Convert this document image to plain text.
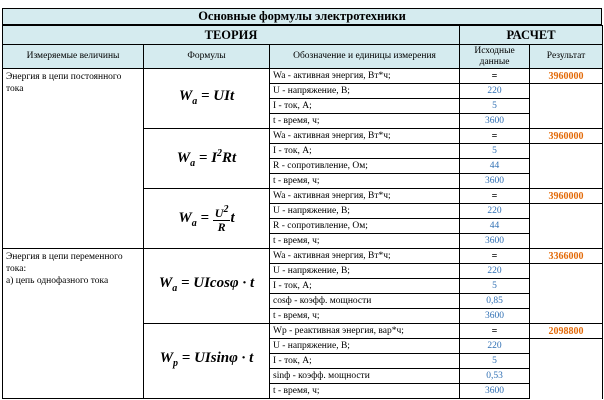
Основные формулы электротехники
ТЕОРИЯ			РАСЧЕТ	
Измеряемые величины	Формулы	Обозначение и единицы измерения	Исходные данные	Результат
Энергия в цепи постоянного тока	$W_a$ = UIt	Wa - активная энергия, Вт*ч;	=	3960000
		U - напряжение, В;	220	
		I - ток, А;	5	
		t - время, ч;	3600	
	$W_a = I^2Rt$	Wa - активная энергия, Вт*ч;	=	3960000
		I - ток, А;	5	
		R - сопротивление, Ом;	44	
		t - время, ч;	3600	
	$W_a = \frac{U^2}{R}$ t	Wa - активная энергия, Вт*ч;	=	3960000
		U - напряжение, В;	220	
		R - сопротивление, Ом;	44	
		t - время, ч;	3600	
Энергия в цепи переменного тока:
а) цепь однофазного тока	$W_a = UIcos\varphi \cdot t$	Wa - активная энергия, Вт*ч;	=	3366000
		U - напряжение, В;	220	
		I - ток, А;	5	
		cosф - коэфф. мощности	0,85	
		t - время, ч;	3600	
	$W_p = UIsin\varphi \cdot t$	Wp - реактивная энергия, вар*ч;	=	2098800
		U - напряжение, В;	220	
		I - ток, А;	5	
		sinф - коэфф. мощности	0,53	
		t - время, ч;	3600	
